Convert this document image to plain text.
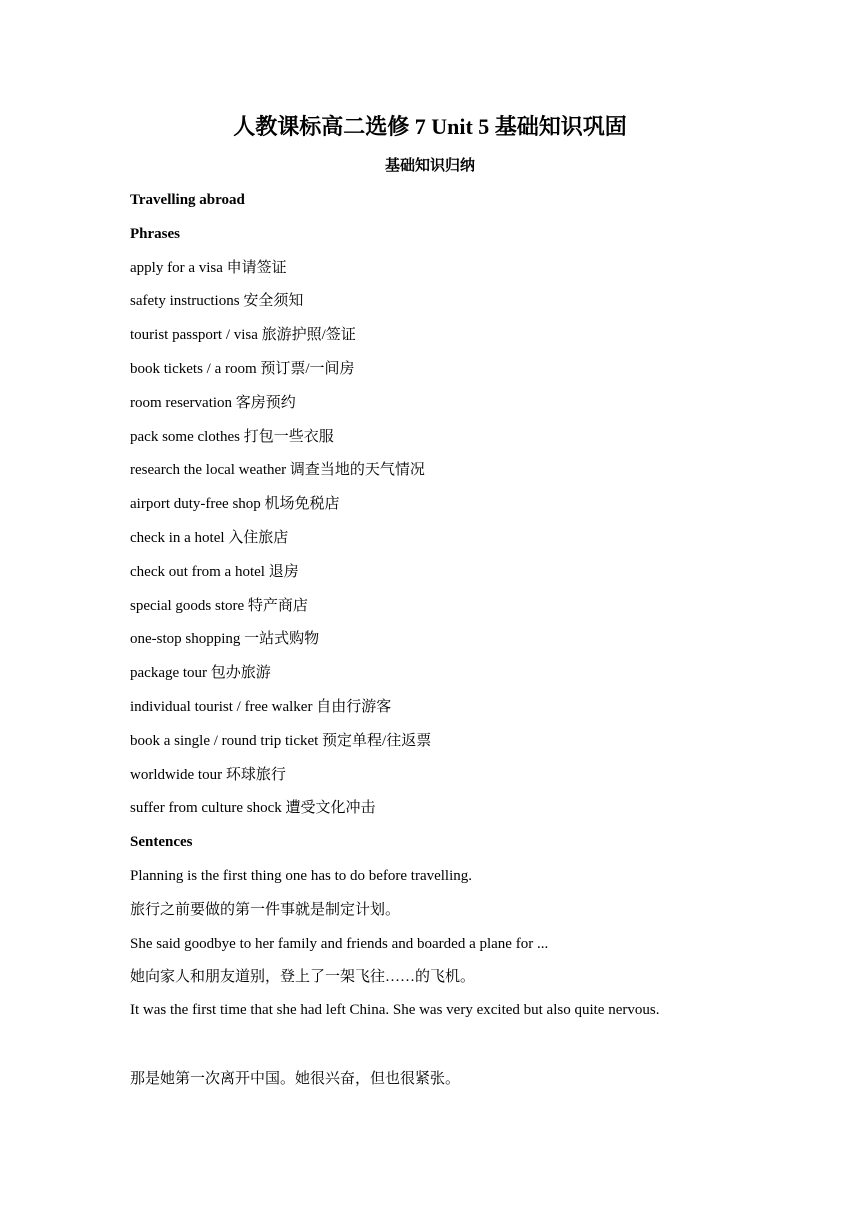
人教课标高二选修 7 Unit 5 基础知识巩固
基础知识归纳
Travelling abroad
Phrases
apply for a visa 申请签证
safety instructions 安全须知
tourist passport / visa 旅游护照/签证
book tickets / a room 预订票/一间房
room reservation 客房预约
pack some clothes 打包一些衣服
research the local weather 调查当地的天气情况
airport duty-free shop 机场免税店
check in a hotel 入住旅店
check out from a hotel 退房
special goods store 特产商店
one-stop shopping 一站式购物
package tour 包办旅游
individual tourist / free walker 自由行游客
book a single / round trip ticket 预定单程/往返票
worldwide tour 环球旅行
suffer from culture shock 遭受文化冲击
Sentences
Planning is the first thing one has to do before travelling.
旅行之前要做的第一件事就是制定计划。
She said goodbye to her family and friends and boarded a plane for ...
她向家人和朋友道别，登上了一架飞往……的飞机。
It was the first time that she had left China. She was very excited but also quite nervous.
那是她第一次离开中国。她很兴奋，但也很紧张。
